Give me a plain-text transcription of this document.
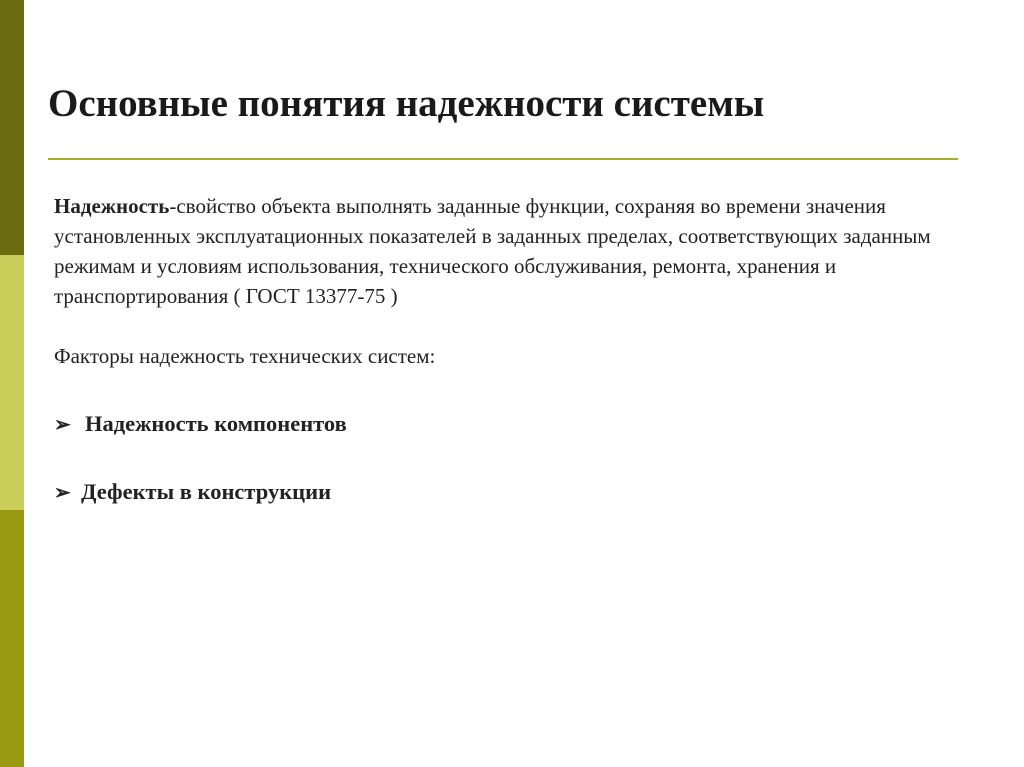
Основные понятия надежности системы

Надежность-свойство объекта выполнять заданные функции, сохраняя во времени значения установленных эксплуатационных показателей в заданных пределах, соответствующих заданным режимам и условиям использования, технического обслуживания, ремонта, хранения и транспортирования ( ГОСТ 13377-75 )

Факторы надежность технических систем:

➢ Надежность компонентов

➢ Дефекты в конструкции
